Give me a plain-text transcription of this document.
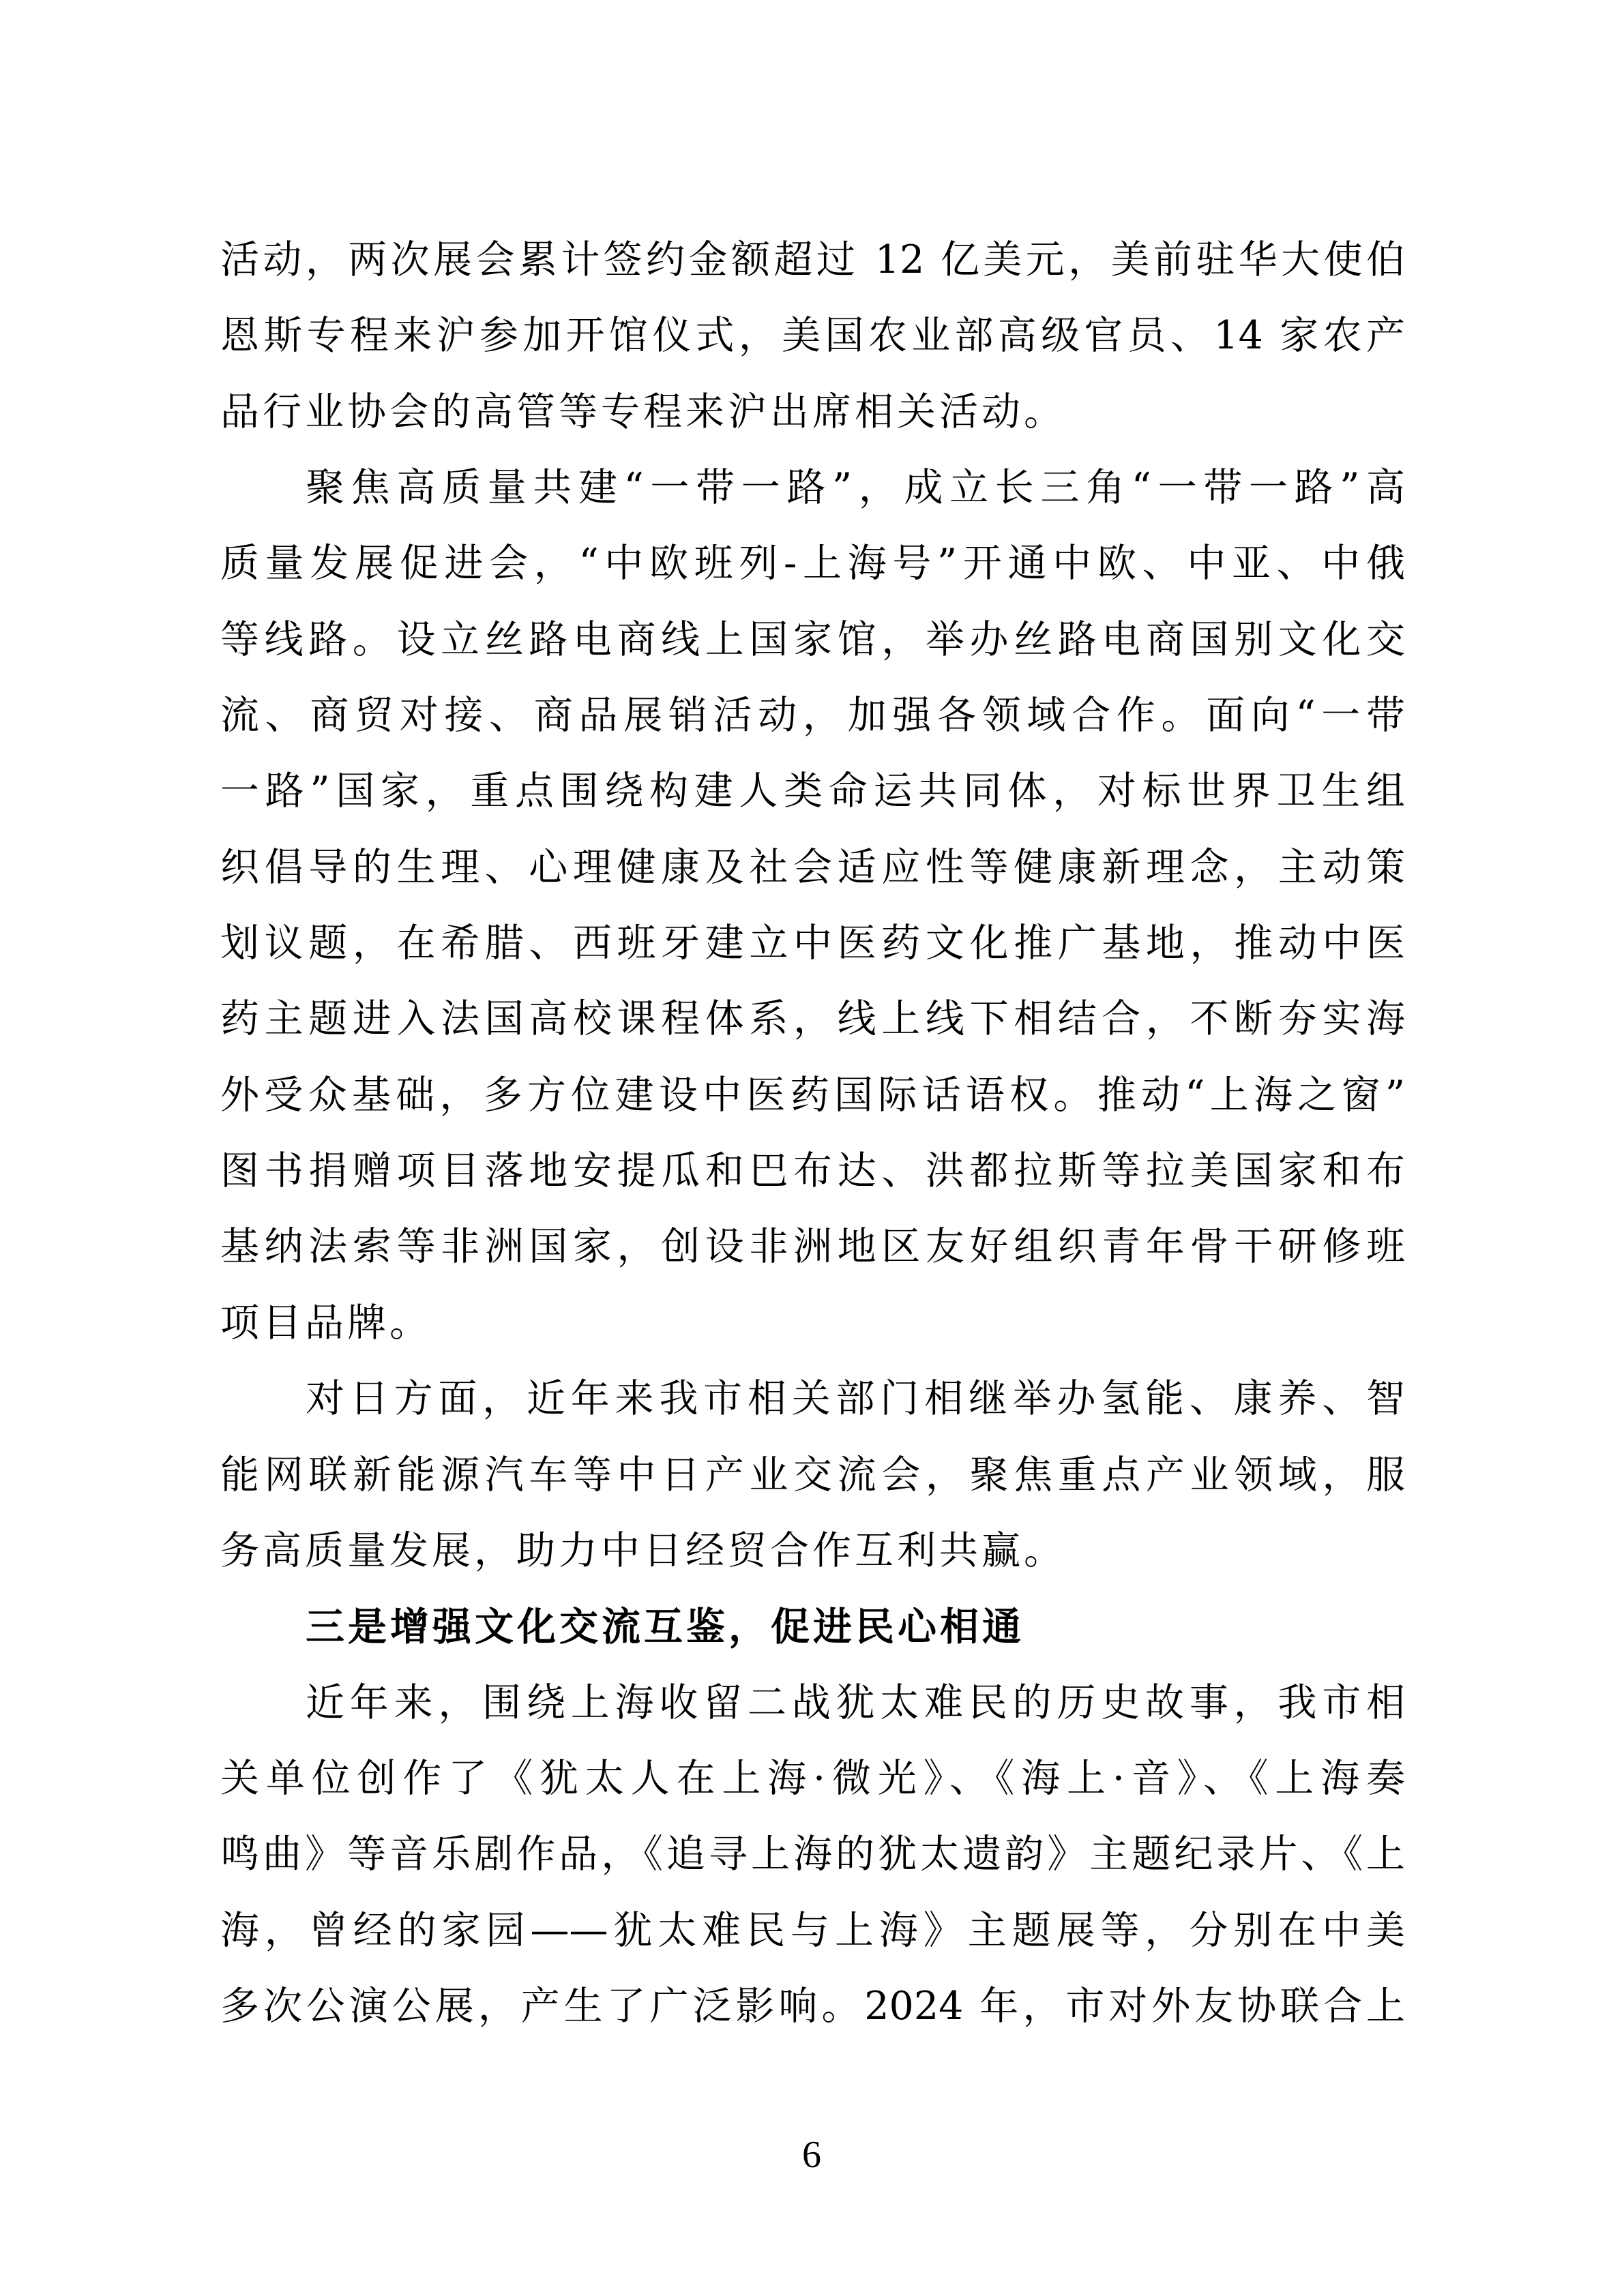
活动，两次展会累计签约金额超过 12 亿美元，美前驻华大使伯
恩斯专程来沪参加开馆仪式，美国农业部高级官员、14 家农产
品行业协会的高管等专程来沪出席相关活动。
聚焦高质量共建“一带一路”，成立长三角“一带一路”高
质量发展促进会，“中欧班列-上海号”开通中欧、中亚、中俄
等线路。设立丝路电商线上国家馆，举办丝路电商国别文化交
流、商贸对接、商品展销活动，加强各领域合作。面向“一带
一路”国家，重点围绕构建人类命运共同体，对标世界卫生组
织倡导的生理、心理健康及社会适应性等健康新理念，主动策
划议题，在希腊、西班牙建立中医药文化推广基地，推动中医
药主题进入法国高校课程体系，线上线下相结合，不断夯实海
外受众基础，多方位建设中医药国际话语权。推动“上海之窗”
图书捐赠项目落地安提瓜和巴布达、洪都拉斯等拉美国家和布
基纳法索等非洲国家，创设非洲地区友好组织青年骨干研修班
项目品牌。
对日方面，近年来我市相关部门相继举办氢能、康养、智
能网联新能源汽车等中日产业交流会，聚焦重点产业领域，服
务高质量发展，助力中日经贸合作互利共赢。
三是增强文化交流互鉴，促进民心相通
近年来，围绕上海收留二战犹太难民的历史故事，我市相
关单位创作了《犹太人在上海·微光》、《海上·音》、《上海奏
鸣曲》等音乐剧作品，《追寻上海的犹太遗韵》主题纪录片、《上
海，曾经的家园——犹太难民与上海》主题展等，分别在中美
多次公演公展，产生了广泛影响。2024 年，市对外友协联合上
6
